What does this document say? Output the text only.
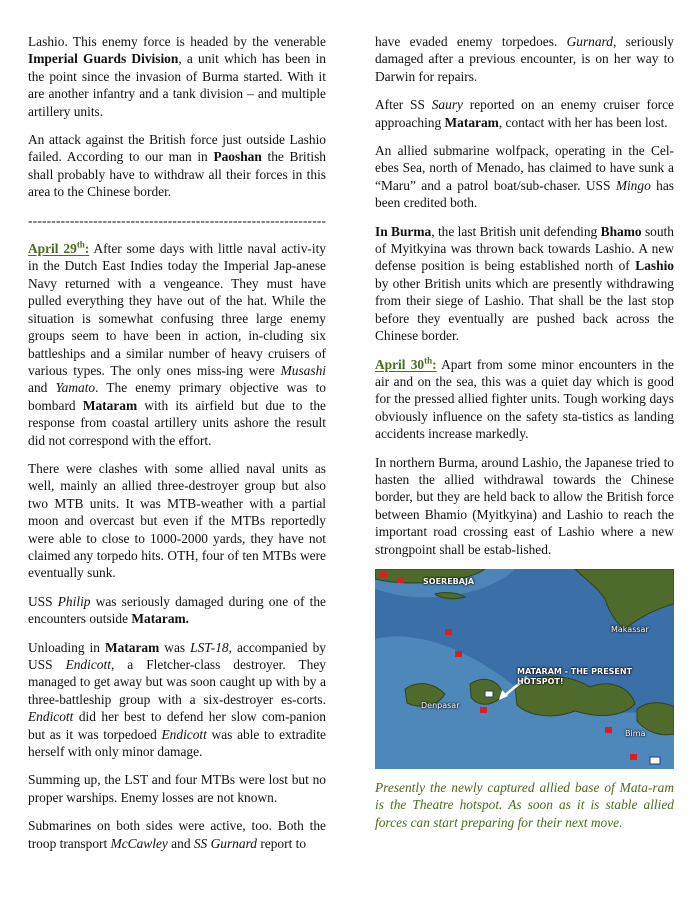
Lashio. This enemy force is headed by the venerable Imperial Guards Division, a unit which has been in the point since the invasion of Burma started. With it are another infantry and a tank division – and multiple artillery units.

An attack against the British force just outside Lashio failed. According to our man in Paoshan the British shall probably have to withdraw all their forces in this area to the Chinese border.

----------------------------------------------------------------

April 29th: After some days with little naval activ-ity in the Dutch East Indies today the Imperial Jap-anese Navy returned with a vengeance. They must have pulled everything they have out of the hat. While the situation is somewhat confusing three large enemy groups seem to have been in action, in-cluding six battleships and a similar number of heavy cruisers of various types. The only ones miss-ing were Musashi and Yamato. The enemy primary objective was to bombard Mataram with its airfield but due to the response from coastal artillery units ashore the result did not correspond with the effort.

There were clashes with some allied naval units as well, mainly an allied three-destroyer group but also two MTB units. It was MTB-weather with a partial moon and overcast but even if the MTBs reportedly were able to close to 1000-2000 yards, they have not claimed any torpedo hits. OTH, four of ten MTBs were eventually sunk.

USS Philip was seriously damaged during one of the encounters outside Mataram.

Unloading in Mataram was LST-18, accompanied by USS Endicott, a Fletcher-class destroyer. They managed to get away but was soon caught up with by a three-battleship group with a six-destroyer es-corts. Endicott did her best to defend her slow com-panion but as it was torpedoed Endicott was able to extradite herself with only minor damage.

Summing up, the LST and four MTBs were lost but no proper warships. Enemy losses are not known.

Submarines on both sides were active, too. Both the troop transport McCawley and SS Gurnard report to

have evaded enemy torpedoes. Gurnard, seriously damaged after a previous encounter, is on her way to Darwin for repairs.

After SS Saury reported on an enemy cruiser force approaching Mataram, contact with her has been lost.

An allied submarine wolfpack, operating in the Cel-ebes Sea, north of Menado, has claimed to have sunk a “Maru” and a patrol boat/sub-chaser. USS Mingo has been credited both.

In Burma, the last British unit defending Bhamo south of Myitkyina was thrown back towards Lashio. A new defense position is being established north of Lashio by other British units which are presently withdrawing from their siege of Lashio. That shall be the last stop before they eventually are pushed back across the Chinese border.

April 30th: Apart from some minor encounters in the air and on the sea, this was a quiet day which is good for the pressed allied fighter units. Tough working days obviously influence on the safety sta-tistics as landing accidents increase markedly.

In northern Burma, around Lashio, the Japanese tried to hasten the allied withdrawal towards the Chinese border, but they are held back to allow the British force between Bhamio (Myitkyina) and Lashio to reach the important road crossing east of Lashio where a new strongpoint shall be estab-lished.

SOEREBAJA
Makassar
MATARAM - THE PRESENT
HOTSPOT!
Denpasar
Bima

Presently the newly captured allied base of Mata-ram is the Theatre hotspot. As soon as it is stable allied forces can start preparing for their next move.
